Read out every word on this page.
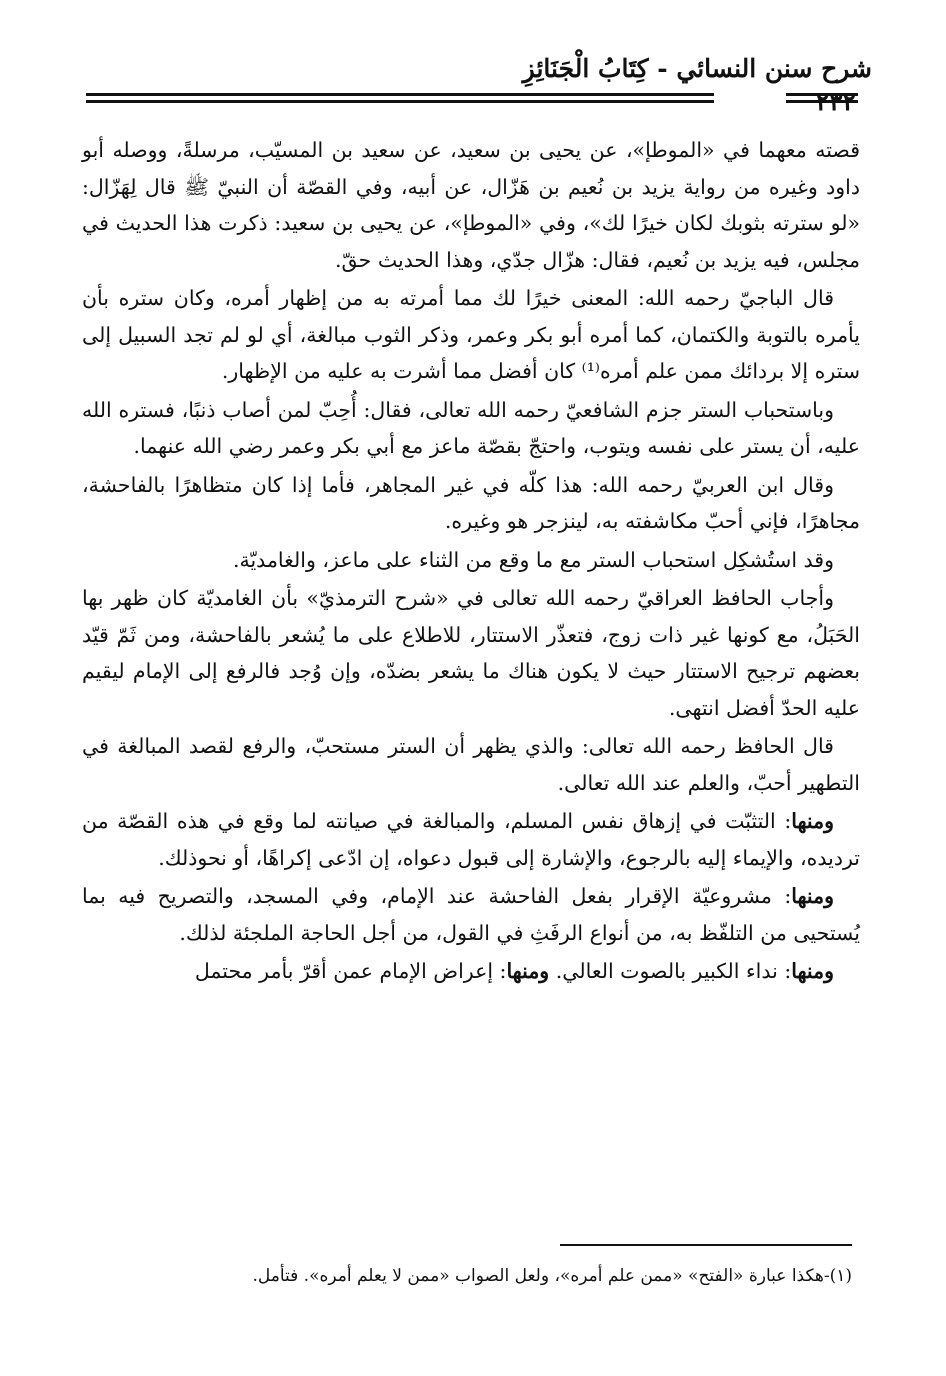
شرح سنن النسائي - كِتَابُ الْجَنَائِزِ
٢٣٢

قصته معهما في «الموطإ»، عن يحيى بن سعيد، عن سعيد بن المسيّب، مرسلةً، ووصله أبو داود وغيره من رواية يزيد بن نُعيم بن هَزّال، عن أبيه، وفي القصّة أن النبيّ ﷺ قال لِهَزّال: «لو سترته بثوبك لكان خيرًا لك»، وفي «الموطإ»، عن يحيى بن سعيد: ذكرت هذا الحديث في مجلس، فيه يزيد بن نُعيم، فقال: هزّال جدّي، وهذا الحديث حقّ.

قال الباجيّ رحمه الله: المعنى خيرًا لك مما أمرته به من إظهار أمره، وكان ستره بأن يأمره بالتوبة والكتمان، كما أمره أبو بكر وعمر، وذكر الثوب مبالغة، أي لو لم تجد السبيل إلى ستره إلا بردائك ممن علم أمره⁽¹⁾ كان أفضل مما أشرت به عليه من الإظهار.

وباستحباب الستر جزم الشافعيّ رحمه الله تعالى، فقال: أُحِبّ لمن أصاب ذنبًا، فستره الله عليه، أن يستر على نفسه ويتوب، واحتجّ بقصّة ماعز مع أبي بكر وعمر رضي الله عنهما.

وقال ابن العربيّ رحمه الله: هذا كلّه في غير المجاهر، فأما إذا كان متظاهرًا بالفاحشة، مجاهرًا، فإني أحبّ مكاشفته به، لينزجر هو وغيره.

وقد استُشكِل استحباب الستر مع ما وقع من الثناء على ماعز، والغامديّة.

وأجاب الحافظ العراقيّ رحمه الله تعالى في «شرح الترمذيّ» بأن الغامديّة كان ظهر بها الحَبَلُ، مع كونها غير ذات زوج، فتعذّر الاستتار، للاطلاع على ما يُشعر بالفاحشة، ومن ثَمّ قيّد بعضهم ترجيح الاستتار حيث لا يكون هناك ما يشعر بضدّه، وإن وُجد فالرفع إلى الإمام ليقيم عليه الحدّ أفضل انتهى.

قال الحافظ رحمه الله تعالى: والذي يظهر أن الستر مستحبّ، والرفع لقصد المبالغة في التطهير أحبّ، والعلم عند الله تعالى.

ومنها: التثبّت في إزهاق نفس المسلم، والمبالغة في صيانته لما وقع في هذه القصّة من ترديده، والإيماء إليه بالرجوع، والإشارة إلى قبول دعواه، إن ادّعى إكراهًا، أو نحوذلك.

ومنها: مشروعيّة الإقرار بفعل الفاحشة عند الإمام، وفي المسجد، والتصريح فيه بما يُستحيى من التلفّظ به، من أنواع الرفَثِ في القول، من أجل الحاجة الملجئة لذلك.

ومنها: نداء الكبير بالصوت العالي. ومنها: إعراض الإمام عمن أقرّ بأمر محتمل

(١)-هكذا عبارة «الفتح» «ممن علم أمره»، ولعل الصواب «ممن لا يعلم أمره». فتأمل.
